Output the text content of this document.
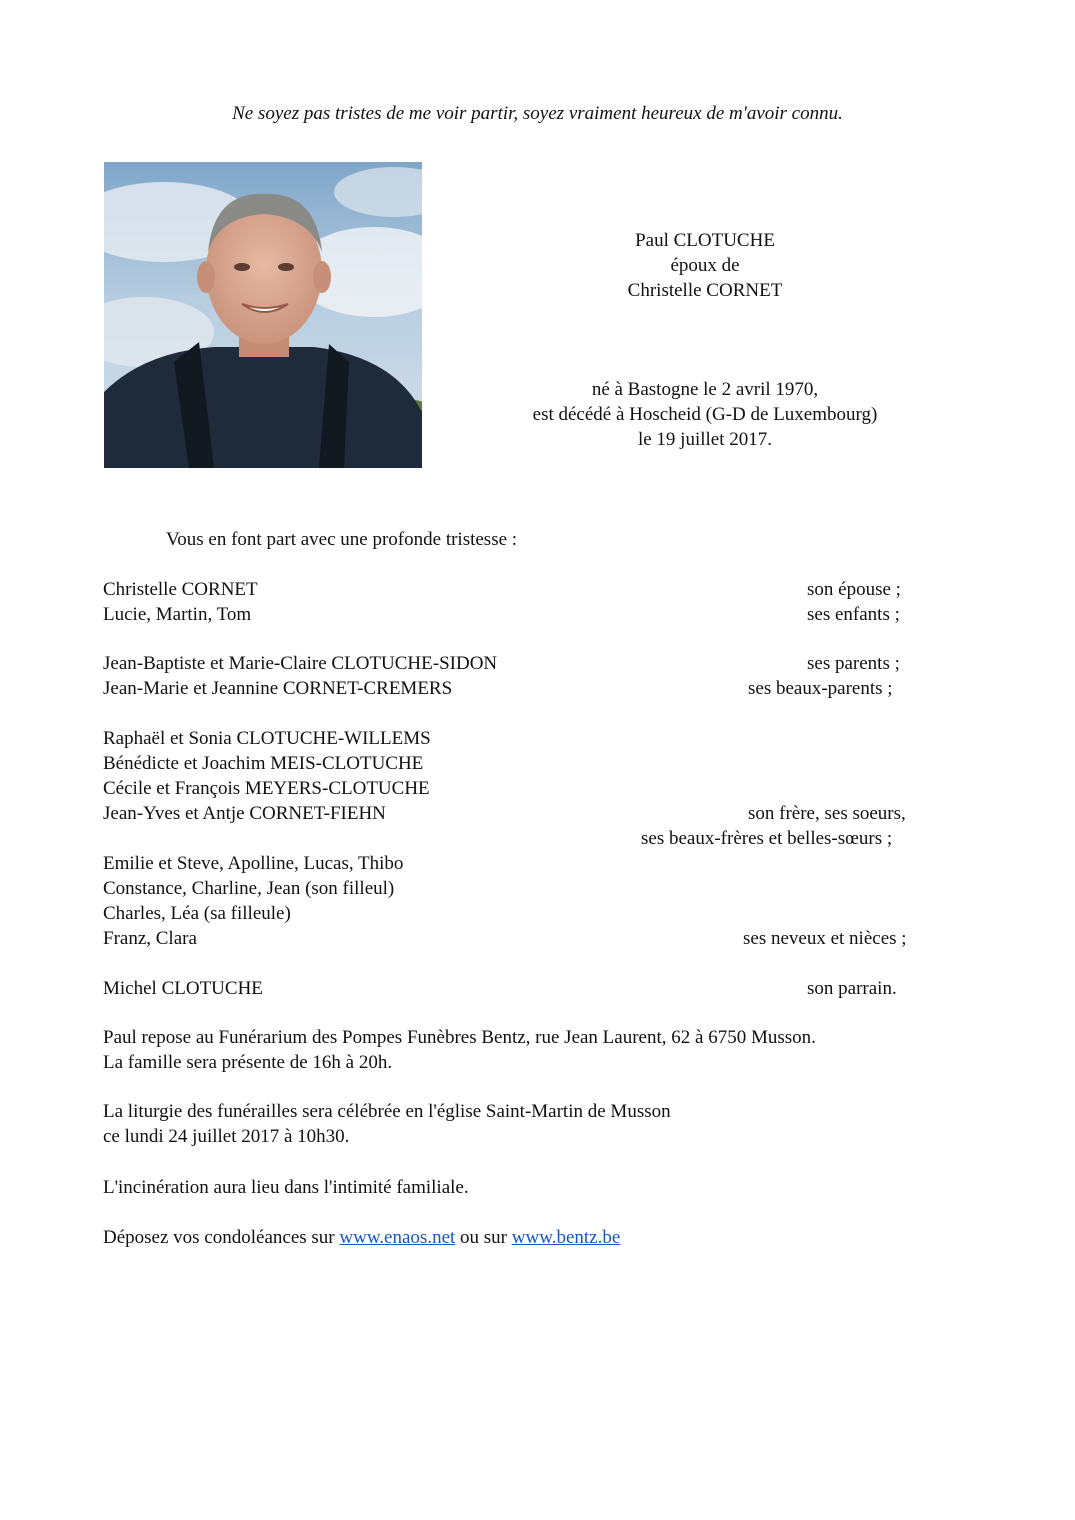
Ne soyez pas tristes de me voir partir, soyez vraiment heureux de m'avoir connu.
Paul CLOTUCHE
époux de
Christelle CORNET
né à Bastogne le 2 avril 1970,
est décédé à Hoscheid (G-D de Luxembourg)
le 19 juillet 2017.
Vous en font part avec une profonde tristesse :
Christelle CORNET	son épouse ;
Lucie, Martin, Tom	ses enfants ;
Jean-Baptiste et Marie-Claire CLOTUCHE-SIDON	ses parents ;
Jean-Marie et Jeannine CORNET-CREMERS	ses beaux-parents ;
Raphaël et Sonia CLOTUCHE-WILLEMS
Bénédicte et Joachim MEIS-CLOTUCHE
Cécile et François MEYERS-CLOTUCHE
Jean-Yves et Antje CORNET-FIEHN	son frère, ses soeurs,
ses beaux-frères et belles-sœurs ;
Emilie et Steve, Apolline, Lucas, Thibo
Constance, Charline, Jean (son filleul)
Charles, Léa (sa filleule)
Franz, Clara	ses neveux et nièces ;
Michel CLOTUCHE	son parrain.
Paul repose au Funérarium des Pompes Funèbres Bentz, rue Jean Laurent, 62 à 6750 Musson.
La famille sera présente de 16h à 20h.
La liturgie des funérailles sera célébrée en l'église Saint-Martin de Musson
ce lundi 24 juillet 2017 à 10h30.
L'incinération aura lieu dans l'intimité familiale.
Déposez vos condoléances sur www.enaos.net ou sur www.bentz.be
